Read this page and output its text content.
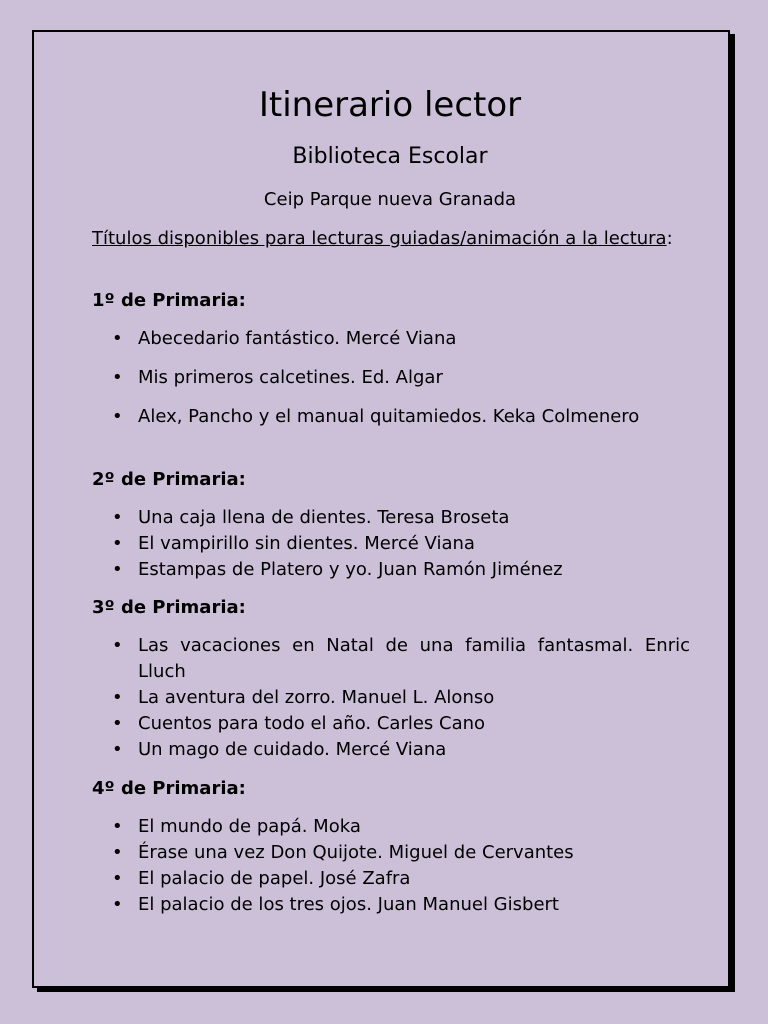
Itinerario lector
Biblioteca Escolar
Ceip Parque nueva Granada
Títulos disponibles para lecturas guiadas/animación a la lectura:
1º de Primaria:
• Abecedario fantástico. Mercé Viana
• Mis primeros calcetines. Ed. Algar
• Alex, Pancho y el manual quitamiedos. Keka Colmenero
2º de Primaria:
• Una caja llena de dientes. Teresa Broseta
• El vampirillo sin dientes. Mercé Viana
• Estampas de Platero y yo. Juan Ramón Jiménez
3º de Primaria:
• Las vacaciones en Natal de una familia fantasmal. Enric Lluch
• La aventura del zorro. Manuel L. Alonso
• Cuentos para todo el año. Carles Cano
• Un mago de cuidado. Mercé Viana
4º de Primaria:
• El mundo de papá. Moka
• Érase una vez Don Quijote. Miguel de Cervantes
• El palacio de papel. José Zafra
• El palacio de los tres ojos. Juan Manuel Gisbert
